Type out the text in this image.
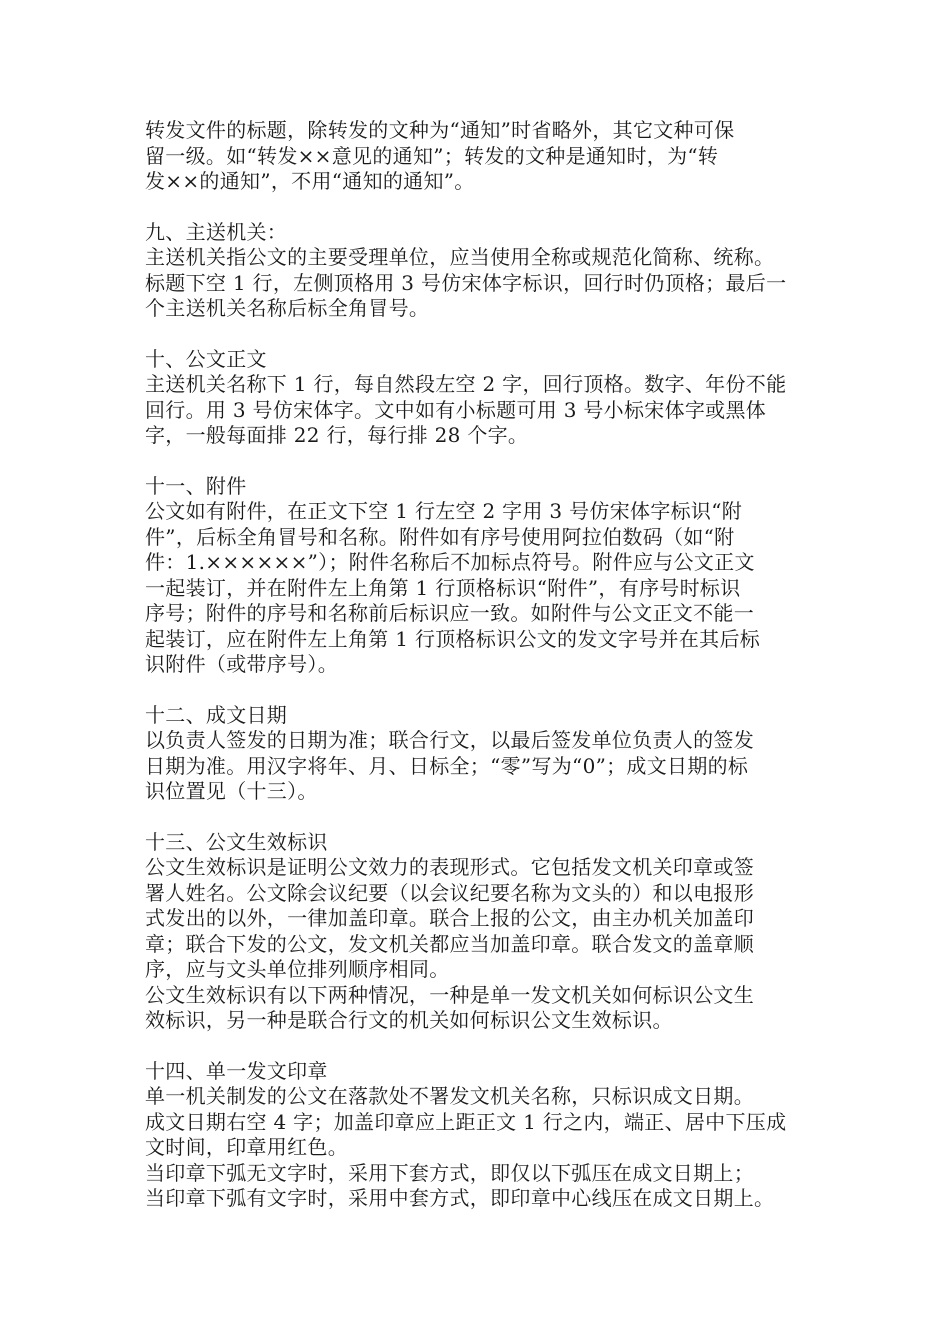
转发文件的标题，除转发的文种为“通知”时省略外，其它文种可保

留一级。如“转发××意见的通知”；转发的文种是通知时，为“转

发××的通知”，不用“通知的通知”。

九、主送机关：

主送机关指公文的主要受理单位，应当使用全称或规范化简称、统称。

标题下空 1 行，左侧顶格用 3 号仿宋体字标识，回行时仍顶格；最后一

个主送机关名称后标全角冒号。

十、公文正文

主送机关名称下 1 行，每自然段左空 2 字，回行顶格。数字、年份不能

回行。用 3 号仿宋体字。文中如有小标题可用 3 号小标宋体字或黑体

字，一般每面排 22 行，每行排 28 个字。

十一、附件

公文如有附件，在正文下空 1 行左空 2 字用 3 号仿宋体字标识“附

件”，后标全角冒号和名称。附件如有序号使用阿拉伯数码（如“附

件：1.××××××”）；附件名称后不加标点符号。附件应与公文正文

一起装订，并在附件左上角第 1 行顶格标识“附件”，有序号时标识

序号；附件的序号和名称前后标识应一致。如附件与公文正文不能一

起装订，应在附件左上角第 1 行顶格标识公文的发文字号并在其后标

识附件（或带序号）。

十二、成文日期

以负责人签发的日期为准；联合行文，以最后签发单位负责人的签发

日期为准。用汉字将年、月、日标全；“零”写为“0”；成文日期的标

识位置见（十三）。

十三、公文生效标识

公文生效标识是证明公文效力的表现形式。它包括发文机关印章或签

署人姓名。公文除会议纪要（以会议纪要名称为文头的）和以电报形

式发出的以外，一律加盖印章。联合上报的公文，由主办机关加盖印

章；联合下发的公文，发文机关都应当加盖印章。联合发文的盖章顺

序，应与文头单位排列顺序相同。

公文生效标识有以下两种情况，一种是单一发文机关如何标识公文生

效标识，另一种是联合行文的机关如何标识公文生效标识。

十四、单一发文印章

单一机关制发的公文在落款处不署发文机关名称，只标识成文日期。

成文日期右空 4 字；加盖印章应上距正文 1 行之内，端正、居中下压成

文时间，印章用红色。

当印章下弧无文字时，采用下套方式，即仅以下弧压在成文日期上；

当印章下弧有文字时，采用中套方式，即印章中心线压在成文日期上。
